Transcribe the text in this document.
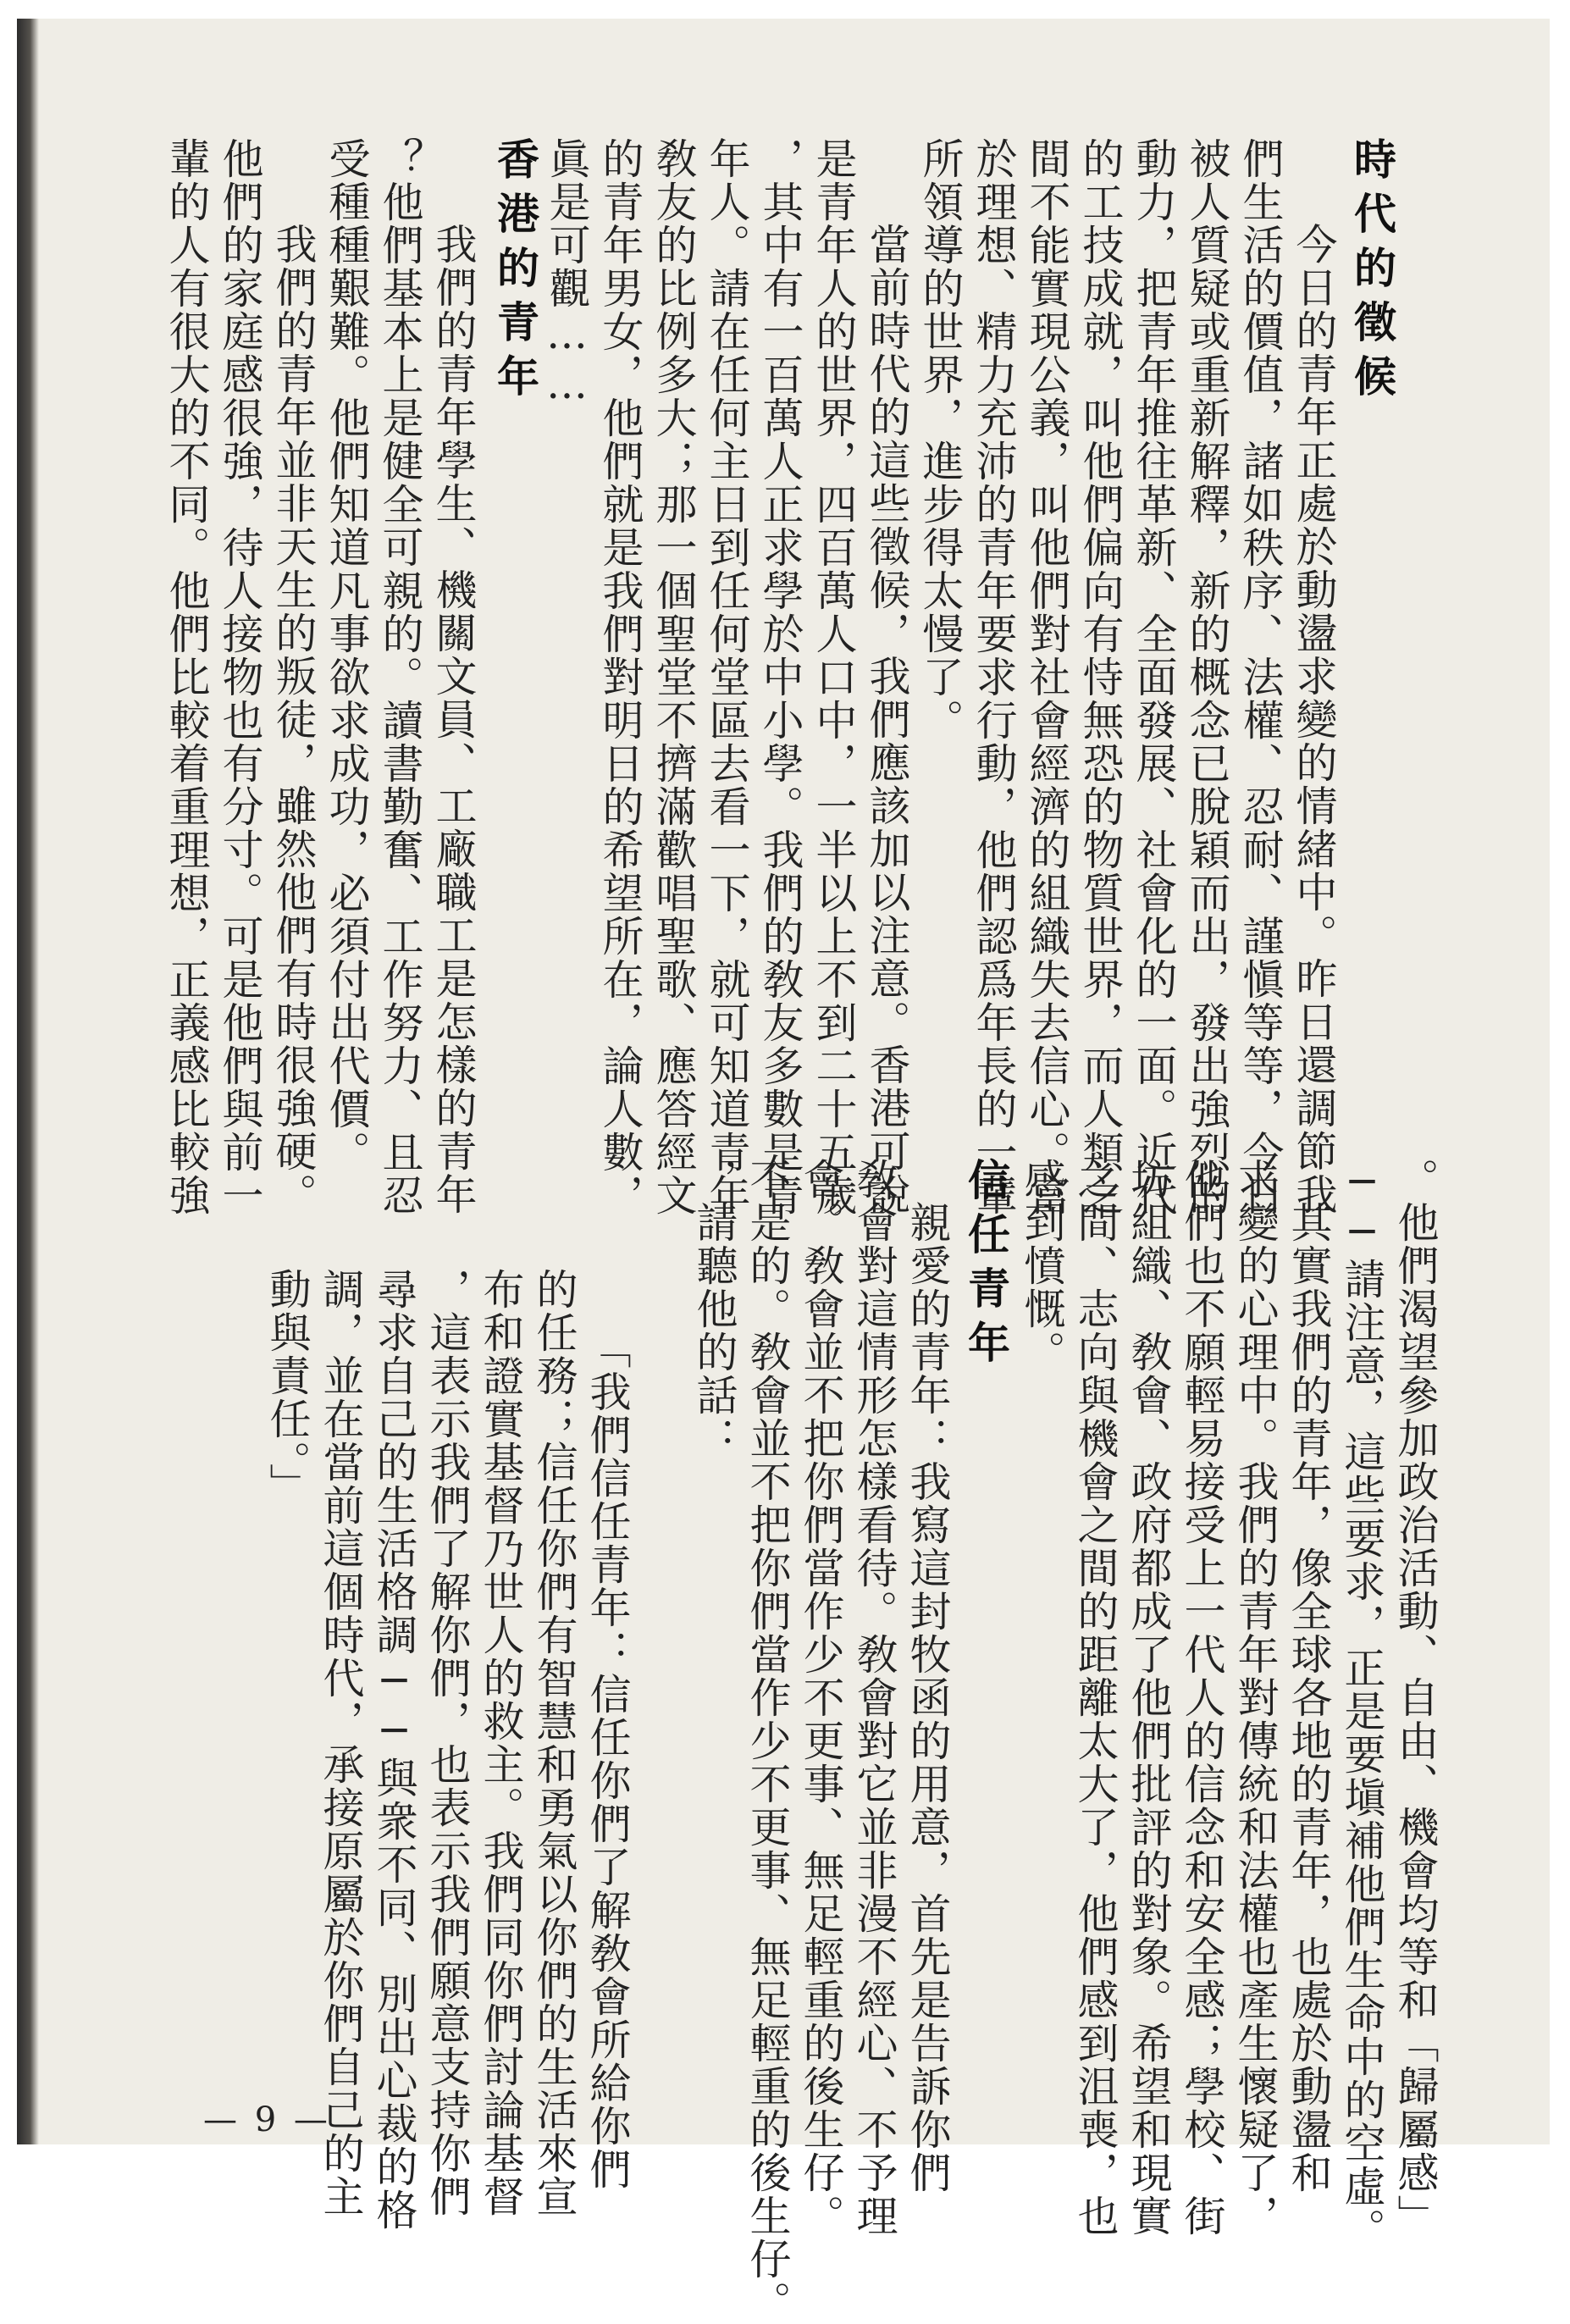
時代的徵候

　今日的青年正處於動盪求變的情緒中。昨日還調節我

們生活的價值，諸如秩序、法權、忍耐、謹愼等等，今日

被人質疑或重新解釋，新的概念已脫穎而出，發出強烈的

動力，把青年推往革新、全面發展、社會化的一面。近代

的工技成就，叫他們偏向有恃無恐的物質世界，而人類之

間不能實現公義，叫他們對社會經濟的組織失去信心。富

於理想、精力充沛的青年要求行動，他們認爲年長的一輩

所領導的世界，進步得太慢了。

　當前時代的這些徵候，我們應該加以注意。香港可說

是青年人的世界，四百萬人口中，一半以上不到二十五歲

，其中有一百萬人正求學於中小學。我們的敎友多數是青

年人。請在任何主日到任何堂區去看一下，就可知道青年

敎友的比例多大；那一個聖堂不擠滿歡唱聖歌、應答經文

的青年男女，他們就是我們對明日的希望所在，論人數，

眞是可觀……

香港的青年

　我們的青年學生、機關文員、工廠職工是怎樣的青年

？他們基本上是健全可親的。讀書勤奮、工作努力、且忍

受種種艱難。他們知道凡事欲求成功，必須付出代價。

　我們的青年並非天生的叛徒，雖然他們有時很強硬。

他們的家庭感很強，待人接物也有分寸。可是他們與前一

輩的人有很大的不同。他們比較着重理想，正義感比較強

。他們渴望參加政治活動、自由、機會均等和「歸屬感」

──請注意，這些要求，正是要塡補他們生命中的空虛。

　其實我們的青年，像全球各地的青年，也處於動盪和

求變的心理中。我們的青年對傳統和法權也產生懷疑了，

他們也不願輕易接受上一代人的信念和安全感；學校、街

坊組織、敎會、政府都成了他們批評的對象。希望和現實

之間、志向與機會之間的距離太大了，他們感到沮喪，也

感到憤慨。

信任青年

　親愛的青年：我寫這封牧函的用意，首先是告訴你們

敎會對這情形怎樣看待。敎會對它並非漫不經心、不予理

會。敎會並不把你們當作少不更事、無足輕重的後生仔。

不是的。敎會並不把你們當作少不更事、無足輕重的後生仔。

，請聽他的話：

「我們信任青年：信任你們了解敎會所給你們

的任務；信任你們有智慧和勇氣以你們的生活來宣

布和證實基督乃世人的救主。我們同你們討論基督

，這表示我們了解你們，也表示我們願意支持你們

尋求自己的生活格調──與衆不同、別出心裁的格

調，並在當前這個時代，承接原屬於你們自己的主

動與責任。」

— 9 —
